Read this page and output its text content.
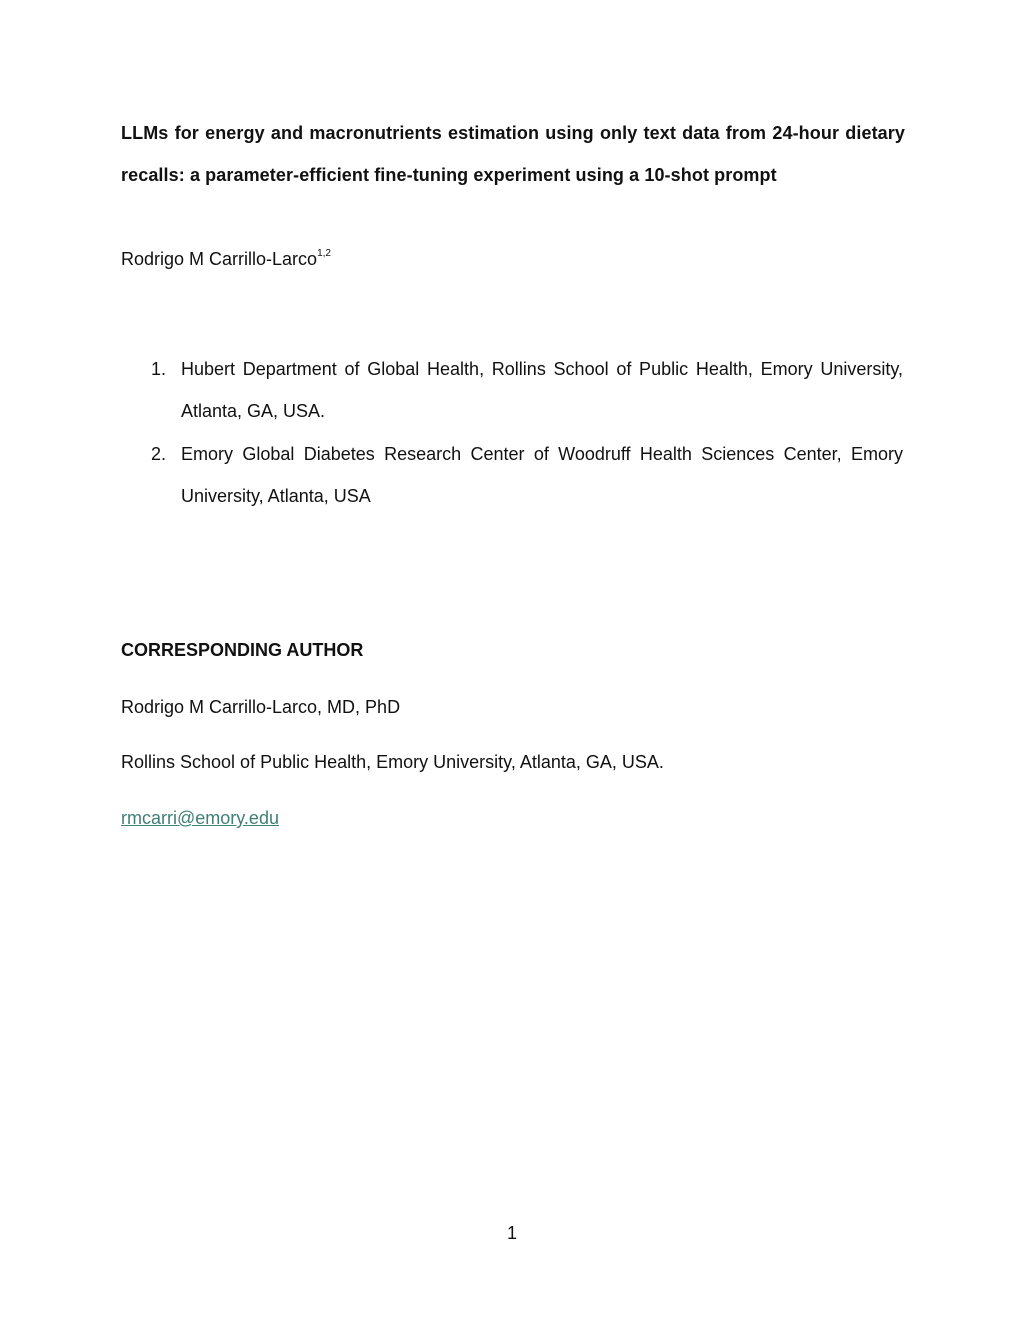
LLMs for energy and macronutrients estimation using only text data from 24-hour dietary recalls: a parameter-efficient fine-tuning experiment using a 10-shot prompt

Rodrigo M Carrillo-Larco$^{1,2}$

1. Hubert Department of Global Health, Rollins School of Public Health, Emory University, Atlanta, GA, USA.
2. Emory Global Diabetes Research Center of Woodruff Health Sciences Center, Emory University, Atlanta, USA

CORRESPONDING AUTHOR

Rodrigo M Carrillo-Larco, MD, PhD

Rollins School of Public Health, Emory University, Atlanta, GA, USA.

rmcarri@emory.edu

1
